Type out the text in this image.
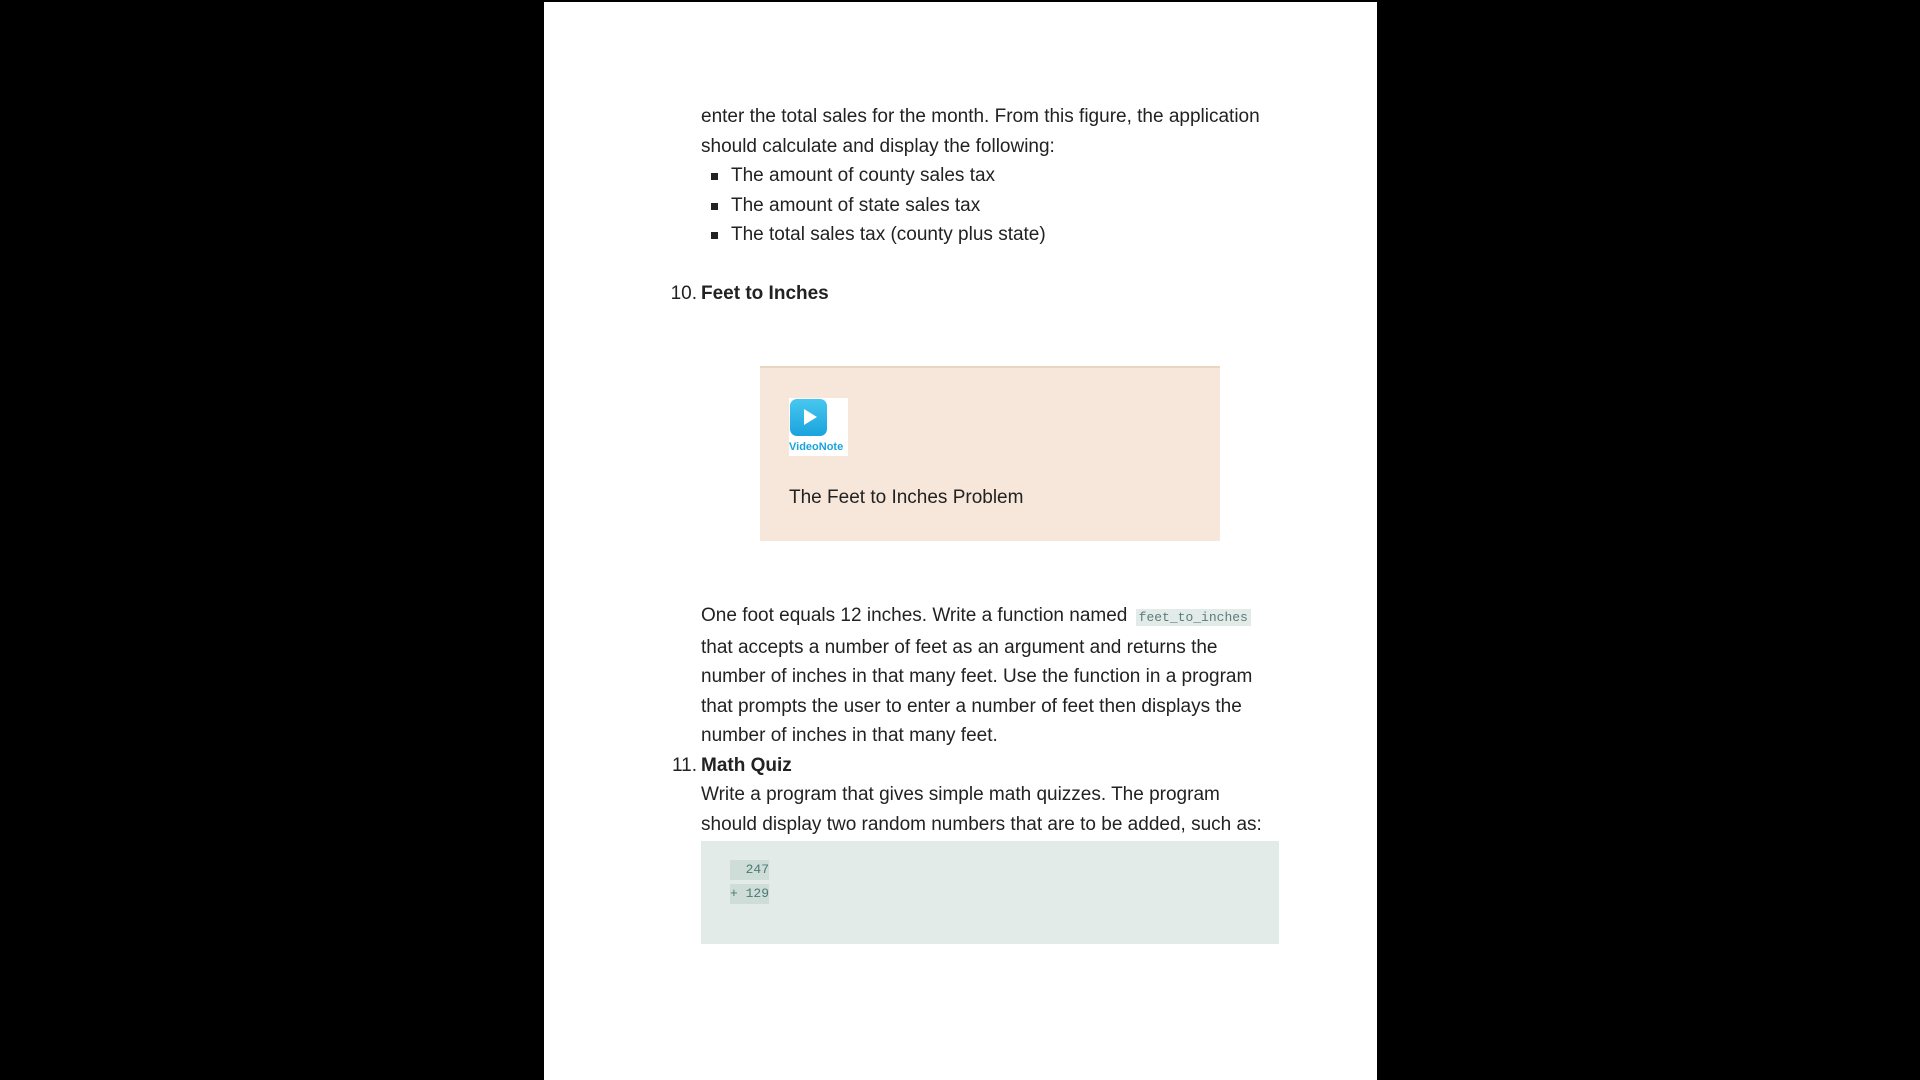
enter the total sales for the month. From this figure, the application should calculate and display the following:

The amount of county sales tax
The amount of state sales tax
The total sales tax (county plus state)
10. Feet to Inches

VideoNote
The Feet to Inches Problem

One foot equals 12 inches. Write a function named feet_to_inches that accepts a number of feet as an argument and returns the number of inches in that many feet. Use the function in a program that prompts the user to enter a number of feet then displays the number of inches in that many feet.

11. Math Quiz

Write a program that gives simple math quizzes. The program should display two random numbers that are to be added, such as:

247
+ 129
